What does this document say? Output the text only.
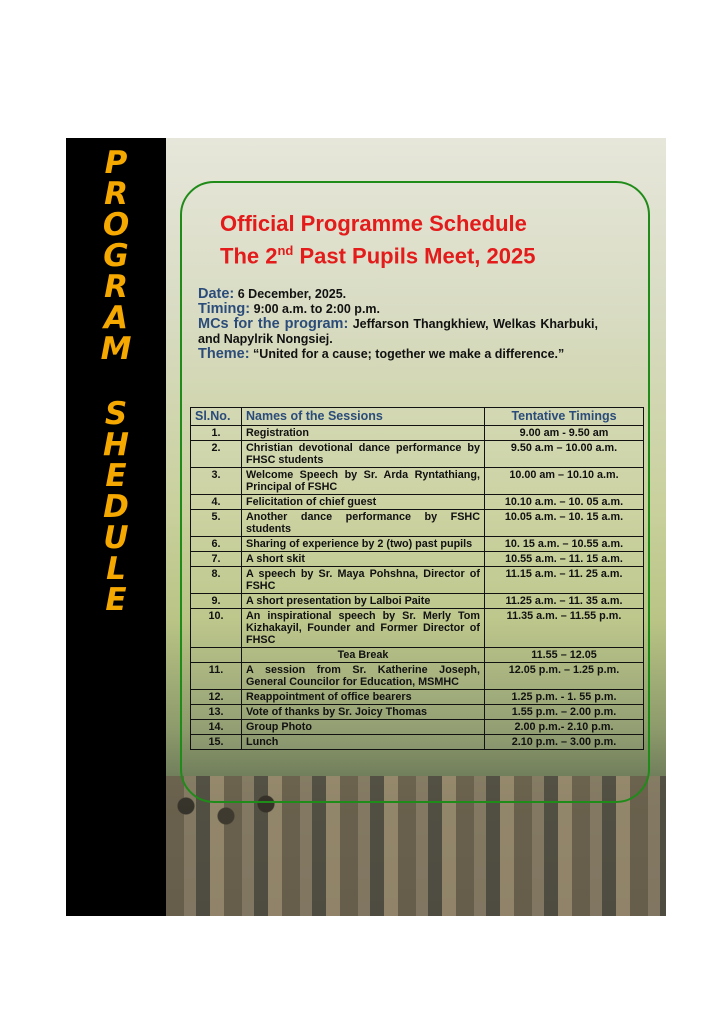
P
R
O
G
R
A
M
S
H
E
D
U
L
E
Official Programme Schedule
The 2nd Past Pupils Meet, 2025

Date: 6 December, 2025.

Timing: 9:00 a.m. to 2:00 p.m.

MCs for the program: Jeffarson Thangkhiew, Welkas Kharbuki, and Napylrik Nongsiej.

Theme: “United for a cause; together we make a difference.”

Sl.No.	Names of the Sessions	Tentative Timings
1.	Registration	9.00 am - 9.50 am
2.	Christian devotional dance performance by FHSC students	9.50 a.m – 10.00 a.m.
3.	Welcome Speech by Sr. Arda Ryntathiang, Principal of FSHC	10.00 am – 10.10 a.m.
4.	Felicitation of chief guest	10.10 a.m. – 10. 05 a.m.
5.	Another dance performance by FSHC students	10.05 a.m. – 10. 15 a.m.
6.	Sharing of experience by 2 (two) past pupils	10. 15 a.m. – 10.55 a.m.
7.	A short skit	10.55 a.m. – 11. 15 a.m.
8.	A speech by Sr. Maya Pohshna, Director of FSHC	11.15 a.m. – 11. 25 a.m.
9.	A short presentation by Lalboi Paite	11.25 a.m. – 11. 35 a.m.
10.	An inspirational speech by Sr. Merly Tom Kizhakayil, Founder and Former Director of FHSC	11.35 a.m. – 11.55 p.m.
	Tea Break	11.55 – 12.05
11.	A session from Sr. Katherine Joseph, General Councilor for Education, MSMHC	12.05 p.m. – 1.25 p.m.
12.	Reappointment of office bearers	1.25 p.m. - 1. 55 p.m.
13.	Vote of thanks by Sr. Joicy Thomas	1.55 p.m. – 2.00 p.m.
14.	Group Photo	2.00 p.m.- 2.10 p.m.
15.	Lunch	2.10 p.m. – 3.00 p.m.
